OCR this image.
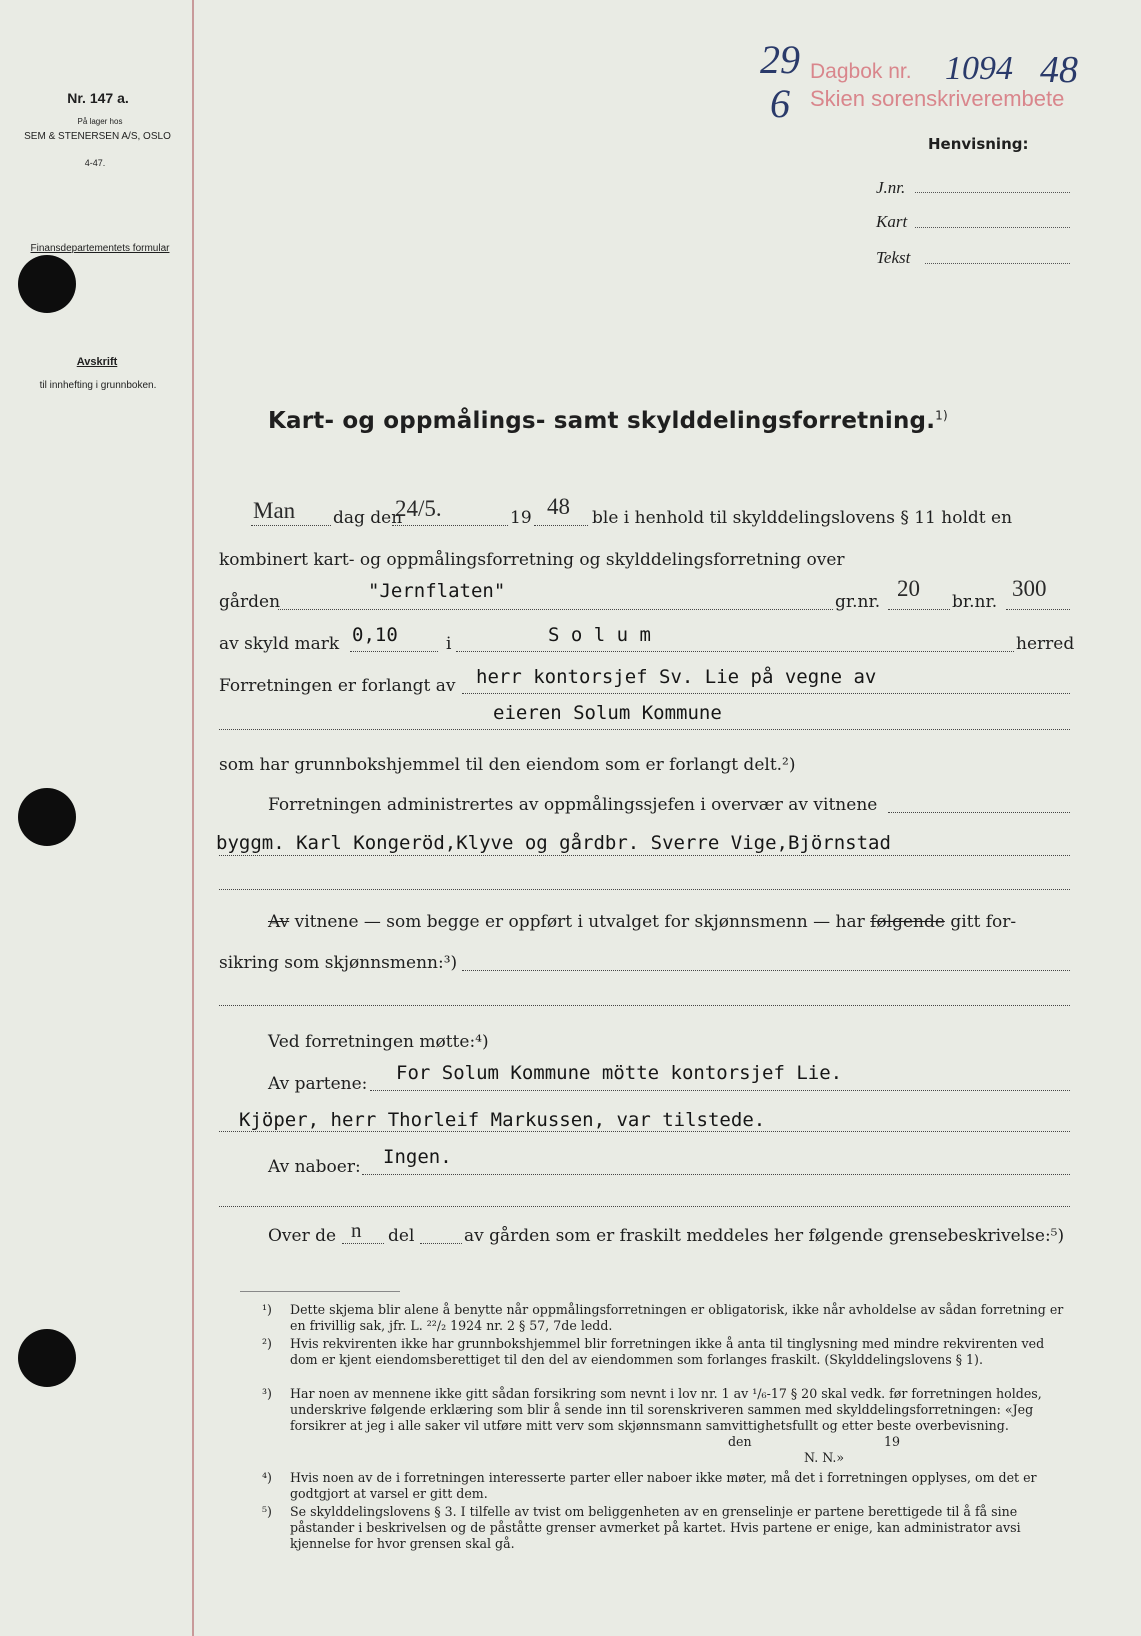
Nr. 147 a.
På lager hos
SEM & STENERSEN A/S, OSLO
4-47.
Finansdepartementets formular
Avskrift
til innhefting i grunnboken.
Dagbok nr.
Skien sorenskriverembete
29
6
1094 48
Henvisning:
J.nr.
Kart
Tekst
Kart- og oppmålings- samt skylddelingsforretning.$^{1)}$
Man dag den
24/5.	19 48 ble i henhold til skylddelingslovens § 11 holdt en
kombinert kart- og oppmålingsforretning og skylddelingsforretning over
gården	"Jernflaten"	gr.nr.
20
br.nr.
300
av skyld mark 0,10	i	S o l u m	herred
Forretningen er forlangt av herr kontorsjef Sv. Lie på vegne av
eieren Solum Kommune
som har grunnbokshjemmel til den eiendom som er forlangt delt.²)
Forretningen administrertes av oppmålingssjefen i overvær av vitnene
byggm. Karl Kongeröd,Klyve og gårdbr. Sverre Vige,Björnstad
Av vitnene — som begge er oppført i utvalget for skjønnsmenn — har følgende gitt for-
sikring som skjønnsmenn:³)
Ved forretningen møtte:⁴)
Av partene: For Solum Kommune mötte kontorsjef Lie.
Kjöper, herr Thorleif Markussen, var tilstede.
Av naboer: Ingen.
Over de n del	av gården som er fraskilt meddeles her følgende grensebeskrivelse:⁵)
¹) Dette skjema blir alene å benytte når oppmålingsforretningen er obligatorisk, ikke når avholdelse av sådan forretning er en frivillig sak, jfr. L. ²²/₂ 1924 nr. 2 § 57, 7de ledd.
²) Hvis rekvirenten ikke har grunnbokshjemmel blir forretningen ikke å anta til tinglysning med mindre rekvirenten ved dom er kjent eiendomsberettiget til den del av eiendommen som forlanges fraskilt. (Skylddelingslovens § 1).
³) Har noen av mennene ikke gitt sådan forsikring som nevnt i lov nr. 1 av ¹/₆-17 § 20 skal vedk. før forretningen holdes, underskrive følgende erklæring som blir å sende inn til sorenskriveren sammen med skylddelingsforretningen: «Jeg forsikrer at jeg i alle saker vil utføre mitt verv som skjønnsmann samvittighetsfullt og etter beste overbevisning.
den	19
N. N.»
⁴) Hvis noen av de i forretningen interesserte parter eller naboer ikke møter, må det i forretningen opplyses, om det er godtgjort at varsel er gitt dem.
⁵) Se skylddelingslovens § 3. I tilfelle av tvist om beliggenheten av en grenselinje er partene berettigede til å få sine påstander i beskrivelsen og de påståtte grenser avmerket på kartet. Hvis partene er enige, kan administrator avsi kjennelse for hvor grensen skal gå.
